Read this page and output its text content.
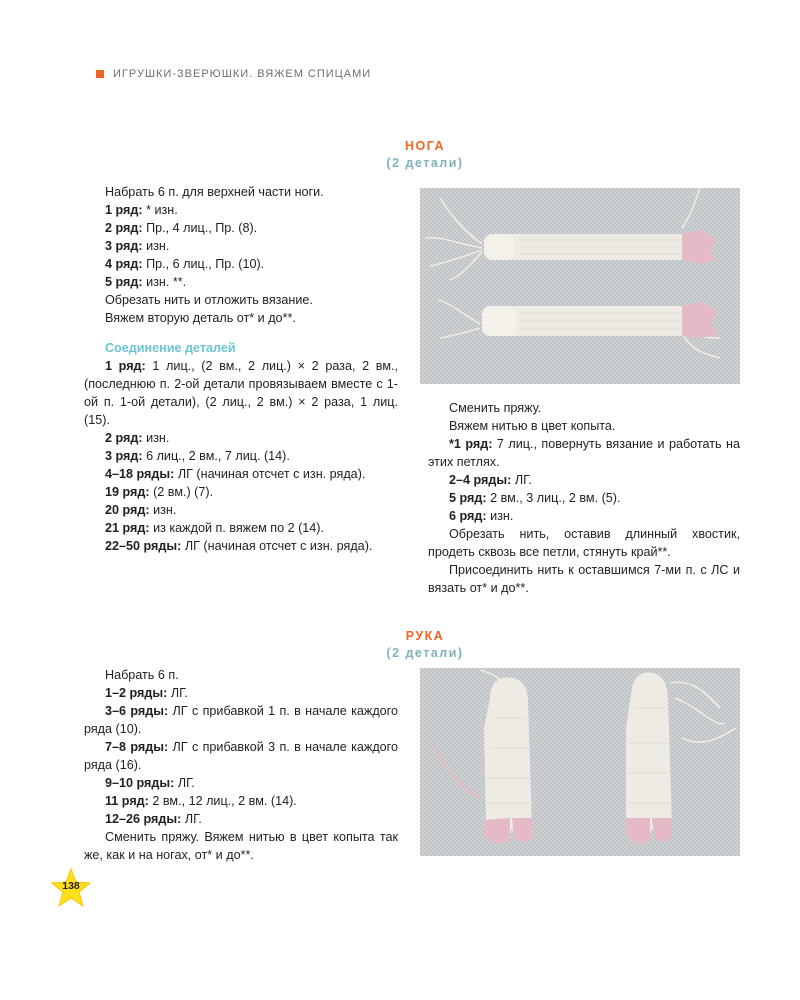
ИГРУШКИ-ЗВЕРЮШКИ. ВЯЖЕМ СПИЦАМИ
НОГА
(2 детали)

Набрать 6 п. для верхней части ноги.

1 ряд: * изн.

2 ряд: Пр., 4 лиц., Пр. (8).

3 ряд: изн.

4 ряд: Пр., 6 лиц., Пр. (10).

5 ряд: изн. **.

Обрезать нить и отложить вязание.

Вяжем вторую деталь от* и до**.

Соединение деталей

1 ряд: 1 лиц., (2 вм., 2 лиц.) × 2 раза, 2 вм., (последнюю п. 2-ой детали провязываем вместе с 1-ой п. 1-ой детали), (2 лиц., 2 вм.) × 2 раза, 1 лиц. (15).

2 ряд: изн.

3 ряд: 6 лиц., 2 вм., 7 лиц. (14).

4–18 ряды: ЛГ (начиная отсчет с изн. ряда).

19 ряд: (2 вм.) (7).

20 ряд: изн.

21 ряд: из каждой п. вяжем по 2 (14).

22–50 ряды: ЛГ (начиная отсчет с изн. ряда).

Сменить пряжу.

Вяжем нитью в цвет копыта.

*1 ряд: 7 лиц., повернуть вязание и работать на этих петлях.

2–4 ряды: ЛГ.

5 ряд: 2 вм., 3 лиц., 2 вм. (5).

6 ряд: изн.

Обрезать нить, оставив длинный хвостик, продеть сквозь все петли, стянуть край**.

Присоединить нить к оставшимся 7-ми п. с ЛС и вязать от* и до**.

РУКА
(2 детали)

Набрать 6 п.

1–2 ряды: ЛГ.

3–6 ряды: ЛГ с прибавкой 1 п. в начале каждого ряда (10).

7–8 ряды: ЛГ с прибавкой 3 п. в начале каждого ряда (16).

9–10 ряды: ЛГ.

11 ряд: 2 вм., 12 лиц., 2 вм. (14).

12–26 ряды: ЛГ.

Сменить пряжу. Вяжем нитью в цвет копыта так же, как и на ногах, от* и до**.

138
